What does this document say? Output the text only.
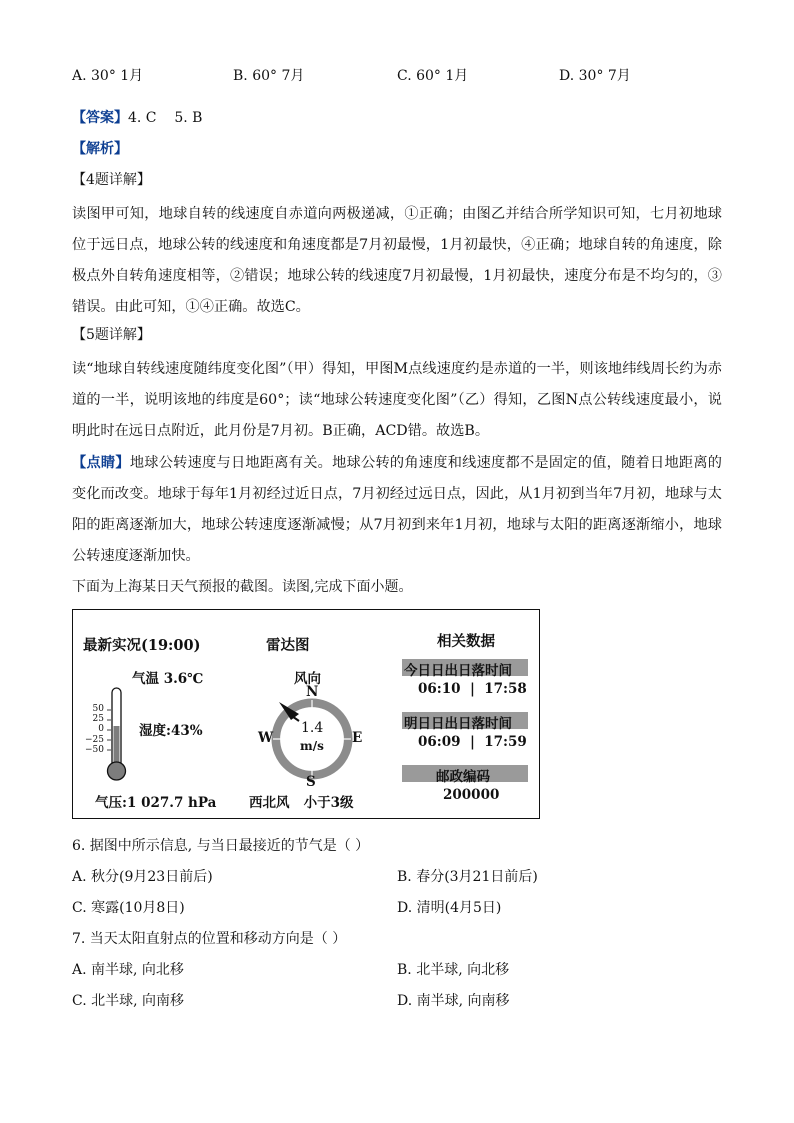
A. 30° 1月	B. 60° 7月	C. 60° 1月	D. 30° 7月
【答案】4. C    5. B
【解析】
【4题详解】
读图甲可知，地球自转的线速度自赤道向两极递减，①正确；由图乙并结合所学知识可知，七月初地球位于远日点，地球公转的线速度和角速度都是7月初最慢，1月初最快，④正确；地球自转的角速度，除极点外自转角速度相等，②错误；地球公转的线速度7月初最慢，1月初最快，速度分布是不均匀的，③错误。由此可知，①④正确。故选C。
【5题详解】
读“地球自转线速度随纬度变化图”（甲）得知，甲图M点线速度约是赤道的一半，则该地纬线周长约为赤道的一半，说明该地的纬度是60°；读“地球公转速度变化图”（乙）得知，乙图N点公转线速度最小，说明此时在远日点附近，此月份是7月初。B正确，ACD错。故选B。
【点睛】地球公转速度与日地距离有关。地球公转的角速度和线速度都不是固定的值，随着日地距离的变化而改变。地球于每年1月初经过近日点，7月初经过远日点，因此，从1月初到当年7月初，地球与太阳的距离逐渐加大，地球公转速度逐渐减慢；从7月初到来年1月初，地球与太阳的距离逐渐缩小，地球公转速度逐渐加快。
下面为上海某日天气预报的截图。读图,完成下面小题。
最新实况(19:00)
气温 3.6℃
湿度:43%
气压:1 027.7 hPa
50
25
0
−25
−50
雷达图
风向
N
S
W	E
1.4
m/s
西北风   小于3级
相关数据
今日日出日落时间
06:10  |  17:58
明日日出日落时间
06:09  |  17:59
邮政编码
200000
6. 据图中所示信息, 与当日最接近的节气是（ ）
A. 秋分(9月23日前后)	B. 春分(3月21日前后)
C. 寒露(10月8日)	D. 清明(4月5日)
7. 当天太阳直射点的位置和移动方向是（ ）
A. 南半球, 向北移	B. 北半球, 向北移
C. 北半球, 向南移	D. 南半球, 向南移
